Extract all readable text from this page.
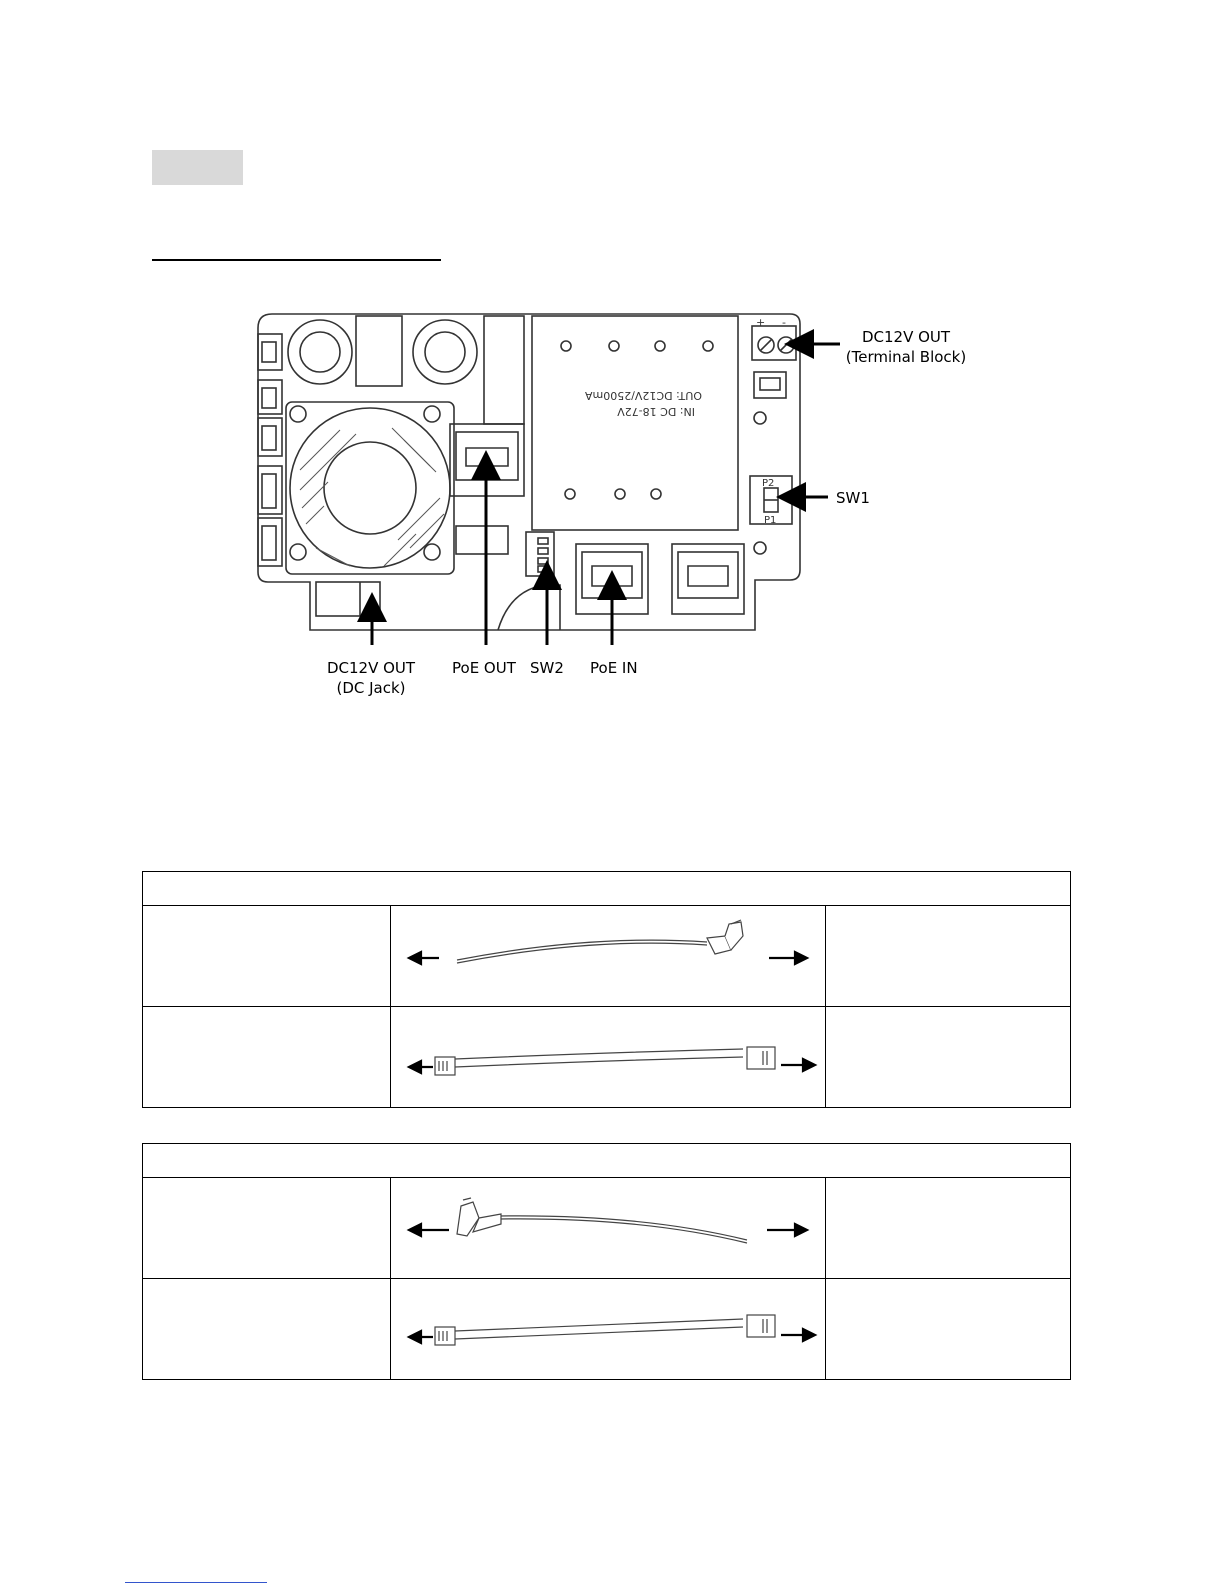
+ -
P2
P1
IN: DC 18-72V
OUT: DC12V/2500mA
DC12V OUT
(Terminal Block)
SW1
DC12V OUT
(DC Jack)
PoE OUT SW2 PoE IN
